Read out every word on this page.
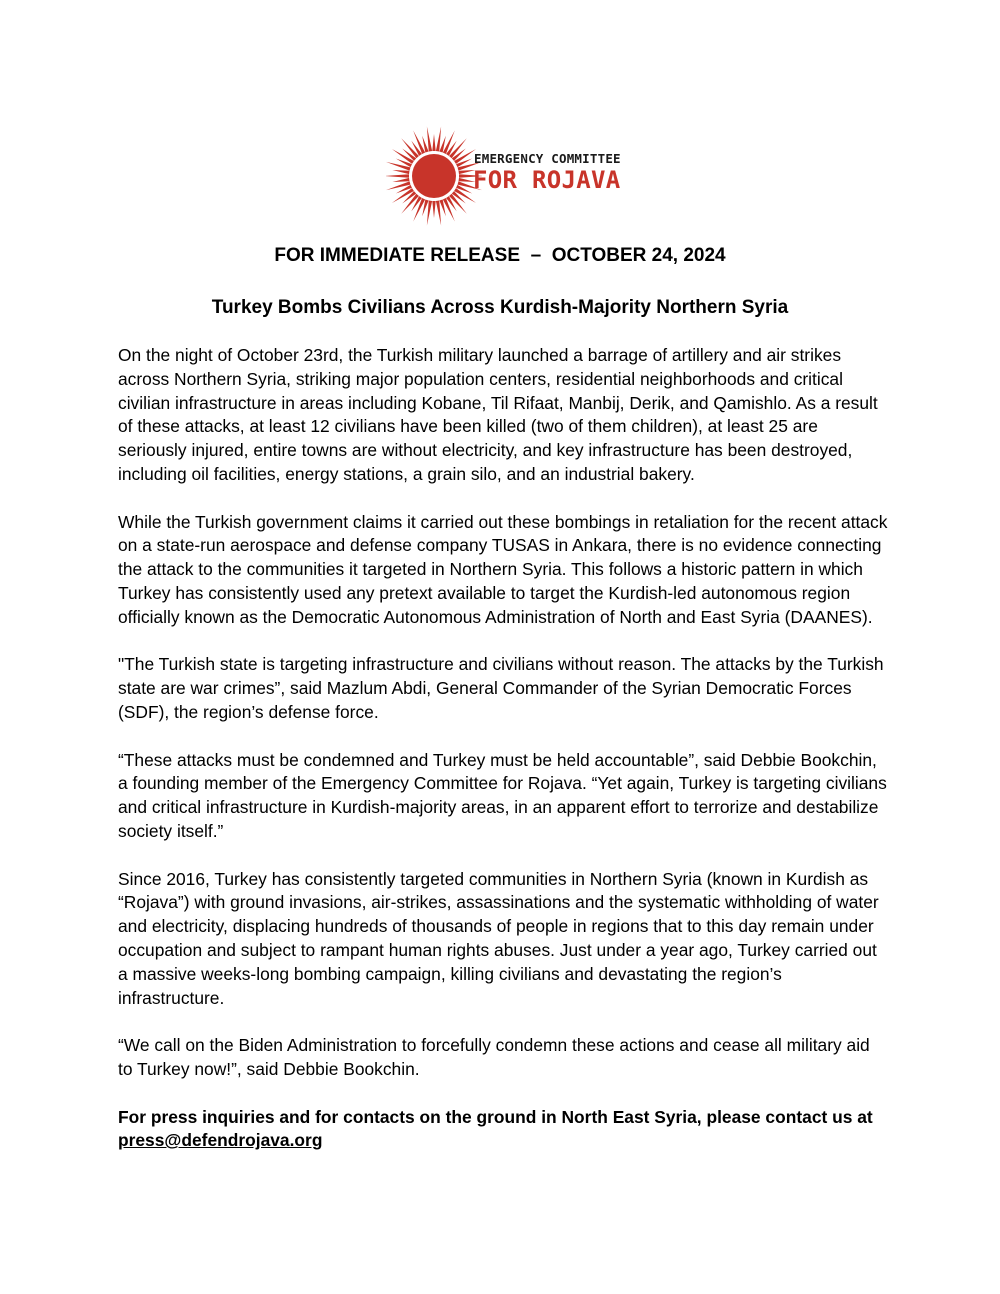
EMERGENCY COMMITTEE
FOR ROJAVA
FOR IMMEDIATE RELEASE – OCTOBER 24, 2024
Turkey Bombs Civilians Across Kurdish-Majority Northern Syria

On the night of October 23rd, the Turkish military launched a barrage of artillery and air strikes across Northern Syria, striking major population centers, residential neighborhoods and critical civilian infrastructure in areas including Kobane, Til Rifaat, Manbij, Derik, and Qamishlo. As a result of these attacks, at least 12 civilians have been killed (two of them children), at least 25 are seriously injured, entire towns are without electricity, and key infrastructure has been destroyed, including oil facilities, energy stations, a grain silo, and an industrial bakery.

While the Turkish government claims it carried out these bombings in retaliation for the recent attack on a state-run aerospace and defense company TUSAS in Ankara, there is no evidence connecting the attack to the communities it targeted in Northern Syria. This follows a historic pattern in which Turkey has consistently used any pretext available to target the Kurdish-led autonomous region officially known as the Democratic Autonomous Administration of North and East Syria (DAANES).

"The Turkish state is targeting infrastructure and civilians without reason. The attacks by the Turkish state are war crimes”, said Mazlum Abdi, General Commander of the Syrian Democratic Forces (SDF), the region’s defense force.

“These attacks must be condemned and Turkey must be held accountable”, said Debbie Bookchin, a founding member of the Emergency Committee for Rojava. “Yet again, Turkey is targeting civilians and critical infrastructure in Kurdish-majority areas, in an apparent effort to terrorize and destabilize society itself.”

Since 2016, Turkey has consistently targeted communities in Northern Syria (known in Kurdish as “Rojava”) with ground invasions, air-strikes, assassinations and the systematic withholding of water and electricity, displacing hundreds of thousands of people in regions that to this day remain under occupation and subject to rampant human rights abuses. Just under a year ago, Turkey carried out a massive weeks-long bombing campaign, killing civilians and devastating the region’s infrastructure.

“We call on the Biden Administration to forcefully condemn these actions and cease all military aid to Turkey now!”, said Debbie Bookchin.

For press inquiries and for contacts on the ground in North East Syria, please contact us at press@defendrojava.org
